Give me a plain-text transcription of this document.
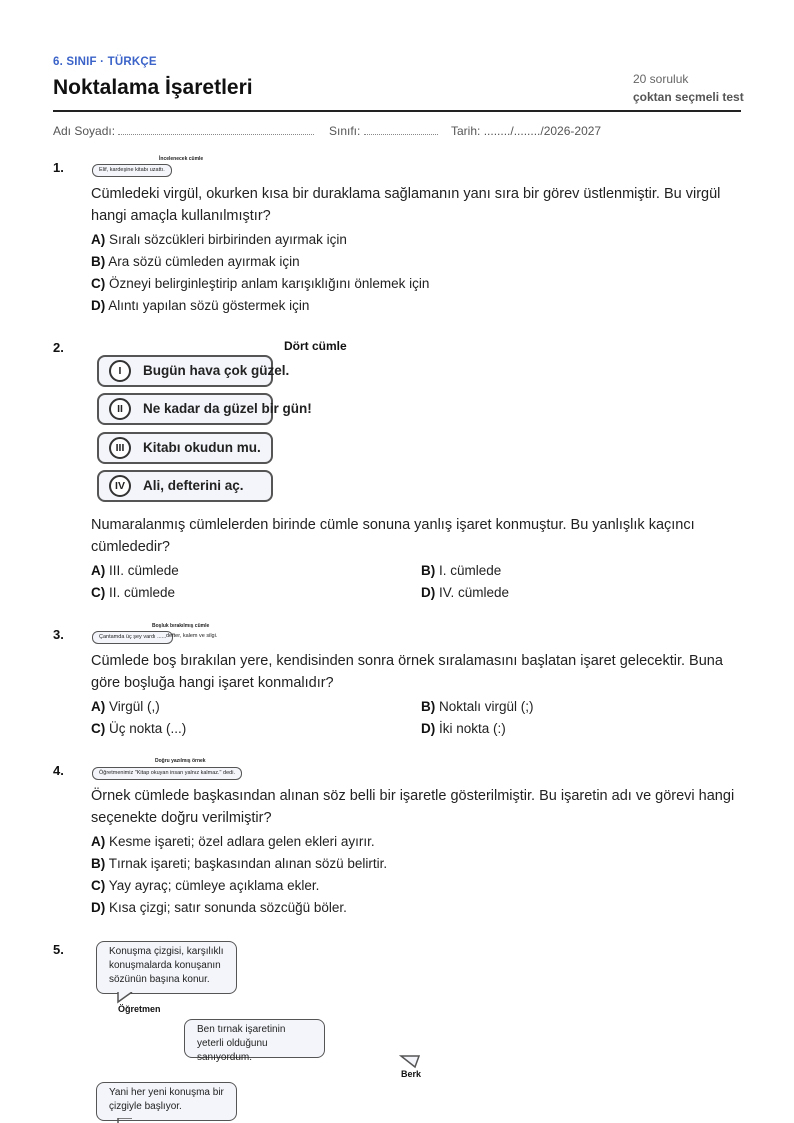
6. SINIF · TÜRKÇE
Noktalama İşaretleri	20 soruluk
çoktan seçmeli test
Adı Soyadı:	Sınıfı:	Tarih: ......../......../2026-2027
1.
İncelenecek cümle
Elif, kardeşine kitabı uzattı.
Cümledeki virgül, okurken kısa bir duraklama sağlamanın yanı sıra bir görev üstlenmiştir. Bu virgül hangi amaçla kullanılmıştır?
A) Sıralı sözcükleri birbirinden ayırmak için
B) Ara sözü cümleden ayırmak için
C) Özneyi belirginleştirip anlam karışıklığını önlemek için
D) Alıntı yapılan sözü göstermek için
2.	Dört cümle
I	Bugün hava çok güzel.
II	Ne kadar da güzel bir gün!
III	Kitabı okudun mu.
IV	Ali, defterini aç.
Numaralanmış cümlelerden birinde cümle sonuna yanlış işaret konmuştur. Bu yanlışlık kaçıncı cümlededir?
A) III. cümlede	B) I. cümlede
C) II. cümlede	D) IV. cümlede
3.
Boşluk bırakılmış cümle
Çantamda üç şey vardı ...... defter, kalem ve silgi.
Cümlede boş bırakılan yere, kendisinden sonra örnek sıralamasını başlatan işaret gelecektir. Buna göre boşluğa hangi işaret konmalıdır?
A) Virgül (,)	B) Noktalı virgül (;)
C) Üç nokta (...)	D) İki nokta (:)
4.
Doğru yazılmış örnek
Öğretmenimiz "Kitap okuyan insan yalnız kalmaz." dedi.
Örnek cümlede başkasından alınan söz belli bir işaretle gösterilmiştir. Bu işaretin adı ve görevi hangi seçenekte doğru verilmiştir?
A) Kesme işareti; özel adlara gelen ekleri ayırır.
B) Tırnak işareti; başkasından alınan sözü belirtir.
C) Yay ayraç; cümleye açıklama ekler.
D) Kısa çizgi; satır sonunda sözcüğü böler.
5.	Konuşma çizgisi, karşılıklı konuşmalarda konuşanın sözünün başına konur.
Öğretmen
Ben tırnak işaretinin yeterli olduğunu sanıyordum.
Berk
Yani her yeni konuşma bir çizgiyle başlıyor.
